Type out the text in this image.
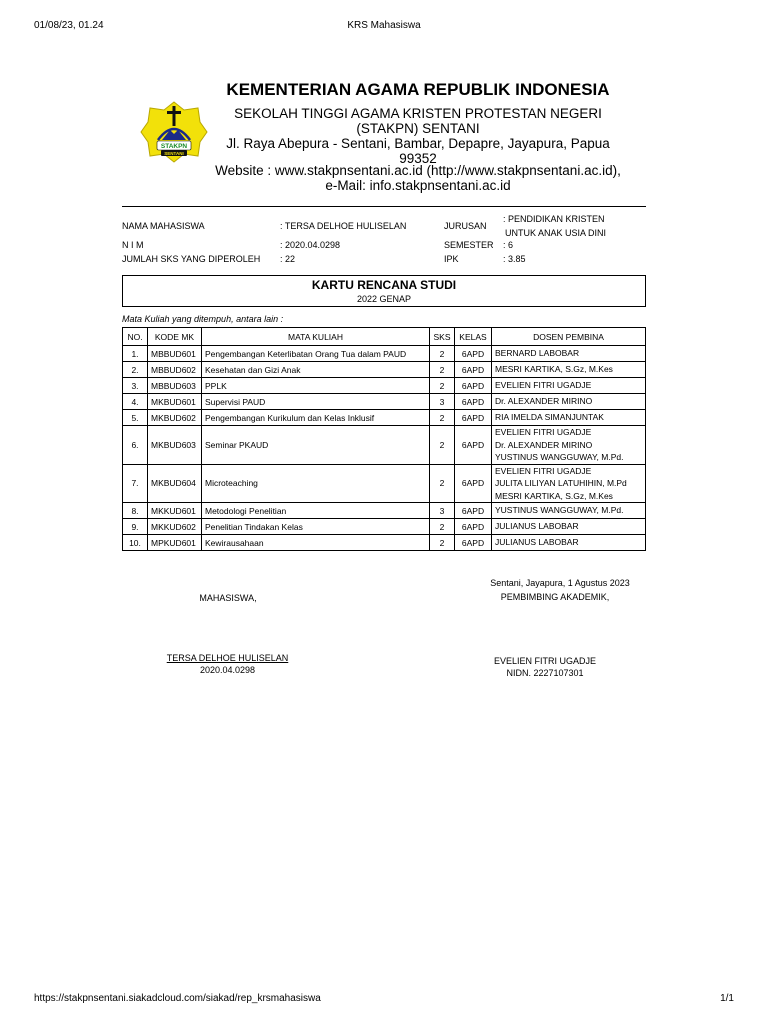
01/08/23, 01.24	KRS Mahasiswa
STAKPN
SENTANI
KEMENTERIAN AGAMA REPUBLIK INDONESIA
SEKOLAH TINGGI AGAMA KRISTEN PROTESTAN NEGERI
(STAKPN) SENTANI
Jl. Raya Abepura - Sentani, Bambar, Depapre, Jayapura, Papua
99352
Website : www.stakpnsentani.ac.id (http://www.stakpnsentani.ac.id),
e-Mail: info.stakpnsentani.ac.id
NAMA MAHASISWA	: TERSA DELHOE HULISELAN
N I M	: 2020.04.0298
JUMLAH SKS YANG DIPEROLEH : 22
JURUSAN
: PENDIDIKAN KRISTEN
UNTUK ANAK USIA DINI
SEMESTER : 6
IPK	: 3.85
KARTU RENCANA STUDI
2022 GENAP
Mata Kuliah yang ditempuh, antara lain :
NO.	KODE MK	MATA KULIAH	SKS	KELAS	DOSEN PEMBINA
1.	MBBUD601	Pengembangan Keterlibatan Orang Tua dalam PAUD	2	6APD	BERNARD LABOBAR

2.	MBBUD602	Kesehatan dan Gizi Anak	2	6APD	MESRI KARTIKA, S.Gz, M.Kes

3.	MBBUD603	PPLK	2	6APD	EVELIEN FITRI UGADJE

4.	MKBUD601	Supervisi PAUD	3	6APD	Dr. ALEXANDER MIRINO

5.	MKBUD602	Pengembangan Kurikulum dan Kelas Inklusif	2	6APD	RIA IMELDA SIMANJUNTAK

6.	MKBUD603	Seminar PKAUD	2	6APD	EVELIEN FITRI UGADJE
Dr. ALEXANDER MIRINO
YUSTINUS WANGGUWAY, M.Pd.

7.	MKBUD604	Microteaching	2	6APD	EVELIEN FITRI UGADJE
JULITA LILIYAN LATUHIHIN, M.Pd
MESRI KARTIKA, S.Gz, M.Kes

8.	MKKUD601	Metodologi Penelitian	3	6APD	YUSTINUS WANGGUWAY, M.Pd.

9.	MKKUD602	Penelitian Tindakan Kelas	2	6APD	JULIANUS LABOBAR

10.	MPKUD601	Kewirausahaan	2	6APD	JULIANUS LABOBAR
Sentani, Jayapura, 1 Agustus 2023
PEMBIMBING AKADEMIK,
MAHASISWA,
TERSA DELHOE HULISELAN
2020.04.0298
EVELIEN FITRI UGADJE
NIDN. 2227107301
https://stakpnsentani.siakadcloud.com/siakad/rep_krsmahasiswa	1/1
